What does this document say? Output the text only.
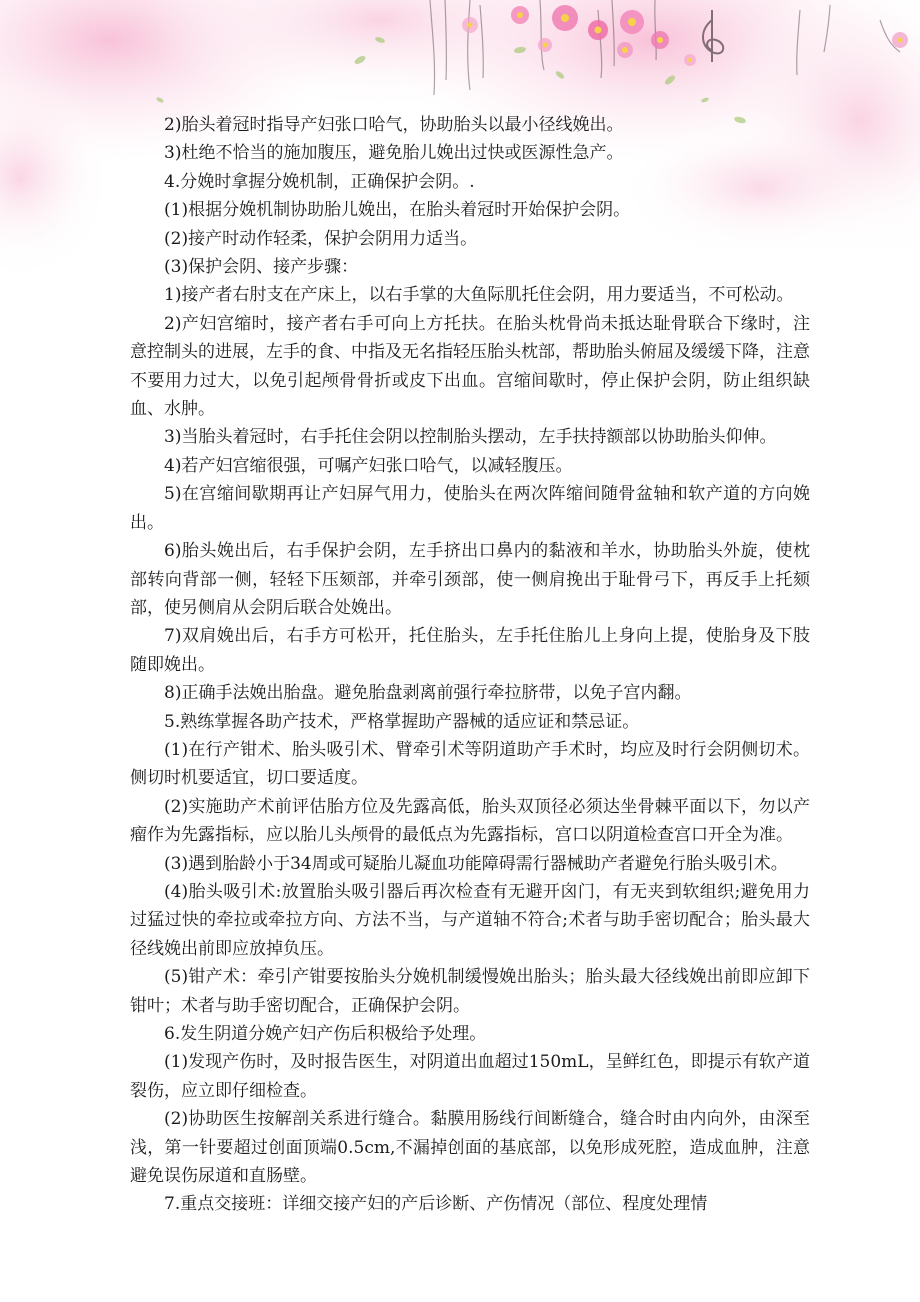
2)胎头着冠时指导产妇张口哈气，协助胎头以最小径线娩出。

3)杜绝不恰当的施加腹压，避免胎儿娩出过快或医源性急产。

4.分娩时拿握分娩机制，正确保护会阴。.

(1)根据分娩机制协助胎儿娩出，在胎头着冠时开始保护会阴。

(2)接产时动作轻柔，保护会阴用力适当。

(3)保护会阴、接产步骤：

1)接产者右肘支在产床上，以右手掌的大鱼际肌托住会阴，用力要适当，不可松动。

2)产妇宫缩时，接产者右手可向上方托扶。在胎头枕骨尚未抵达耻骨联合下缘时，注意控制头的进展，左手的食、中指及无名指轻压胎头枕部，帮助胎头俯屈及缓缓下降，注意不要用力过大，以免引起颅骨骨折或皮下出血。宫缩间歇时，停止保护会阴，防止组织缺血、水肿。

3)当胎头着冠时，右手托住会阴以控制胎头摆动，左手扶持额部以协助胎头仰伸。

4)若产妇宫缩很强，可嘱产妇张口哈气，以减轻腹压。

5)在宫缩间歇期再让产妇屏气用力，使胎头在两次阵缩间随骨盆轴和软产道的方向娩出。

6)胎头娩出后，右手保护会阴，左手挤出口鼻内的黏液和羊水，协助胎头外旋，使枕部转向背部一侧，轻轻下压颏部，并牵引颈部，使一侧肩挽出于耻骨弓下，再反手上托颏部，使另侧肩从会阴后联合处娩出。

7)双肩娩出后，右手方可松开，托住胎头，左手托住胎儿上身向上提，使胎身及下肢随即娩出。

8)正确手法娩出胎盘。避免胎盘剥离前强行牵拉脐带，以免子宫内翻。

5.熟练掌握各助产技术，严格掌握助产器械的适应证和禁忌证。

(1)在行产钳术、胎头吸引术、臂牵引术等阴道助产手术时，均应及时行会阴侧切术。侧切时机要适宜，切口要适度。

(2)实施助产术前评估胎方位及先露高低，胎头双顶径必须达坐骨棘平面以下，勿以产瘤作为先露指标，应以胎儿头颅骨的最低点为先露指标，宫口以阴道检查宫口开全为准。

(3)遇到胎龄小于34周或可疑胎儿凝血功能障碍需行器械助产者避免行胎头吸引术。

(4)胎头吸引术:放置胎头吸引器后再次检查有无避开囟门，有无夹到软组织;避免用力过猛过快的牵拉或牵拉方向、方法不当，与产道轴不符合;术者与助手密切配合；胎头最大径线娩出前即应放掉负压。

(5)钳产术：牵引产钳要按胎头分娩机制缓慢娩出胎头；胎头最大径线娩出前即应卸下钳叶；术者与助手密切配合，正确保护会阴。

6.发生阴道分娩产妇产伤后积极给予处理。

(1)发现产伤时，及时报告医生，对阴道出血超过150mL，呈鲜红色，即提示有软产道裂伤，应立即仔细检查。

(2)协助医生按解剖关系进行缝合。黏膜用肠线行间断缝合，缝合时由内向外，由深至浅，第一针要超过创面顶端0.5cm,不漏掉创面的基底部，以免形成死腔，造成血肿，注意避免误伤尿道和直肠壁。

7.重点交接班：详细交接产妇的产后诊断、产伤情况（部位、程度处理情
